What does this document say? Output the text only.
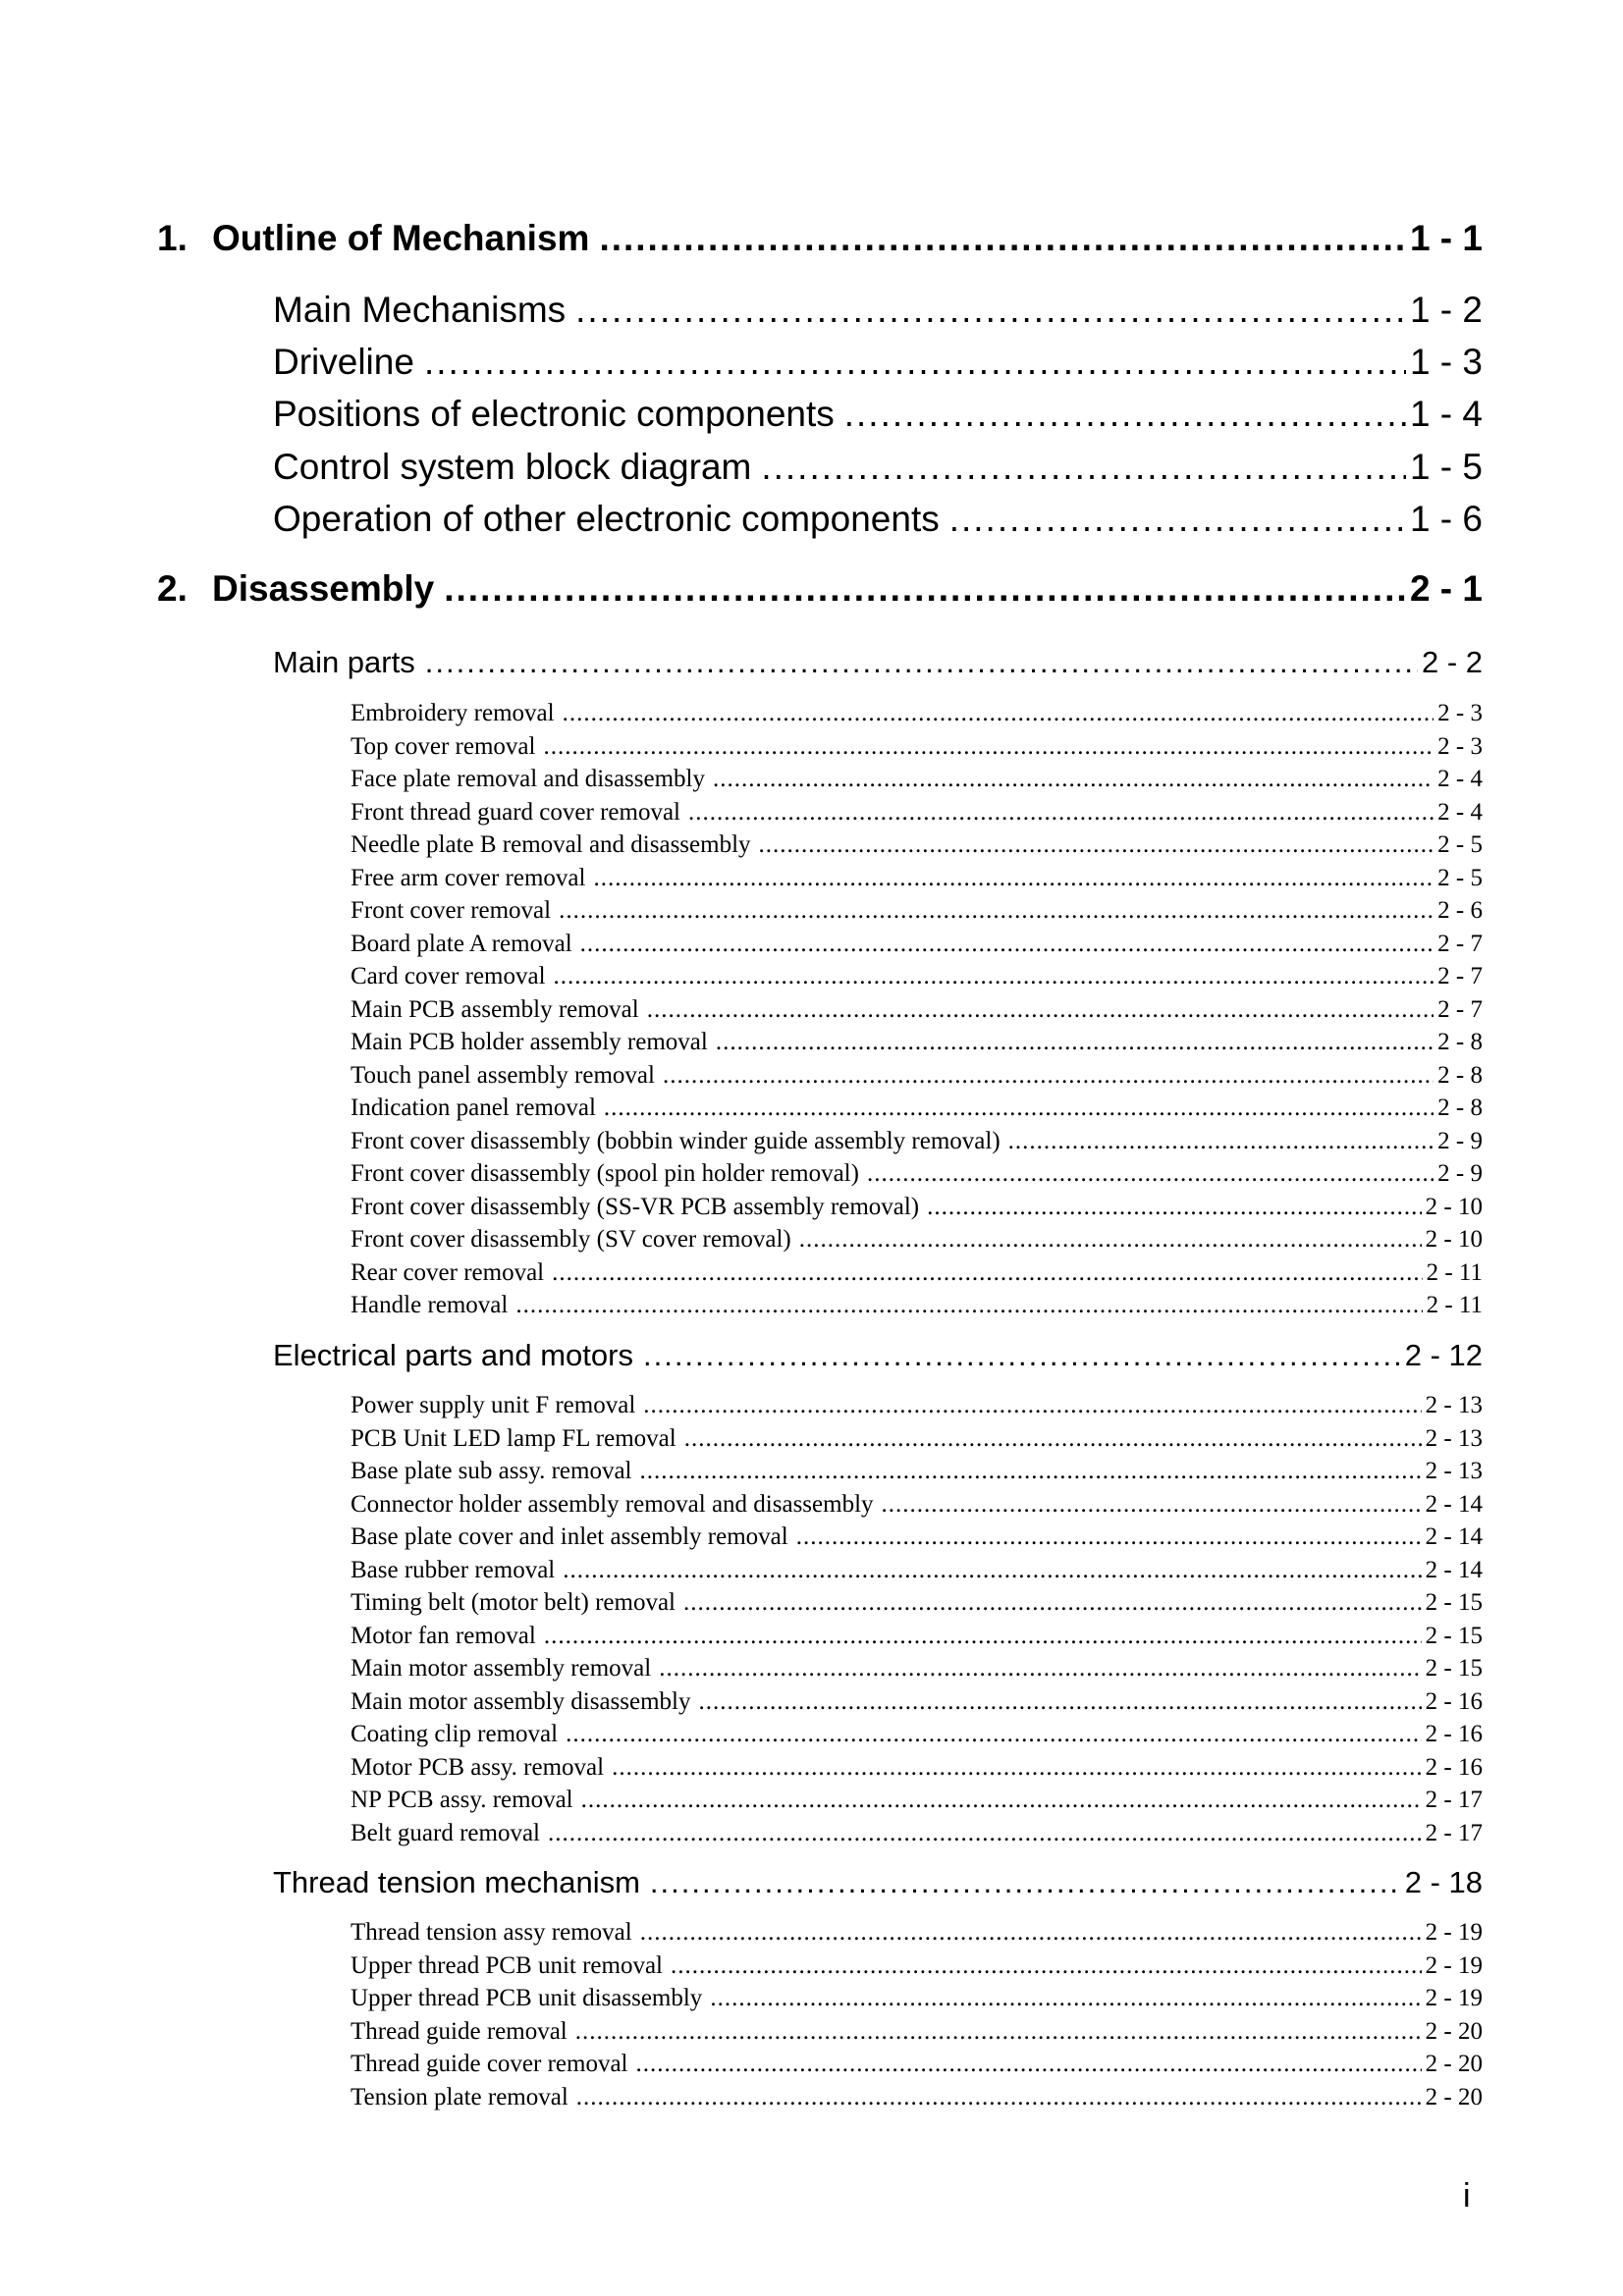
1. Outline of Mechanism .....	1 - 1
Main Mechanisms .....	1 - 2
Driveline .....	1 - 3
Positions of electronic components .....	1 - 4
Control system block diagram .....	1 - 5
Operation of other electronic components .....	1 - 6
2. Disassembly .....	2 - 1
Main parts .....	2 - 2
Embroidery removal .....	2 - 3
Top cover removal .....	2 - 3
Face plate removal and disassembly .....	2 - 4
Front thread guard cover removal .....	2 - 4
Needle plate B removal and disassembly .....	2 - 5
Free arm cover removal .....	2 - 5
Front cover removal .....	2 - 6
Board plate A removal .....	2 - 7
Card cover removal .....	2 - 7
Main PCB assembly removal .....	2 - 7
Main PCB holder assembly removal .....	2 - 8
Touch panel assembly removal .....	2 - 8
Indication panel removal .....	2 - 8
Front cover disassembly (bobbin winder guide assembly removal) .....	2 - 9
Front cover disassembly (spool pin holder removal) .....	2 - 9
Front cover disassembly (SS-VR PCB assembly removal) .....	2 - 10
Front cover disassembly (SV cover removal) .....	2 - 10
Rear cover removal .....	2 - 11
Handle removal .....	2 - 11
Electrical parts and motors .....	2 - 12
Power supply unit F removal .....	2 - 13
PCB Unit LED lamp FL removal .....	2 - 13
Base plate sub assy. removal .....	2 - 13
Connector holder assembly removal and disassembly .....	2 - 14
Base plate cover and inlet assembly removal .....	2 - 14
Base rubber removal .....	2 - 14
Timing belt (motor belt) removal .....	2 - 15
Motor fan removal .....	2 - 15
Main motor assembly removal .....	2 - 15
Main motor assembly disassembly .....	2 - 16
Coating clip removal .....	2 - 16
Motor PCB assy. removal .....	2 - 16
NP PCB assy. removal .....	2 - 17
Belt guard removal .....	2 - 17
Thread tension mechanism .....	2 - 18
Thread tension assy removal .....	2 - 19
Upper thread PCB unit removal .....	2 - 19
Upper thread PCB unit disassembly .....	2 - 19
Thread guide removal .....	2 - 20
Thread guide cover removal .....	2 - 20
Tension plate removal .....	2 - 20
i
